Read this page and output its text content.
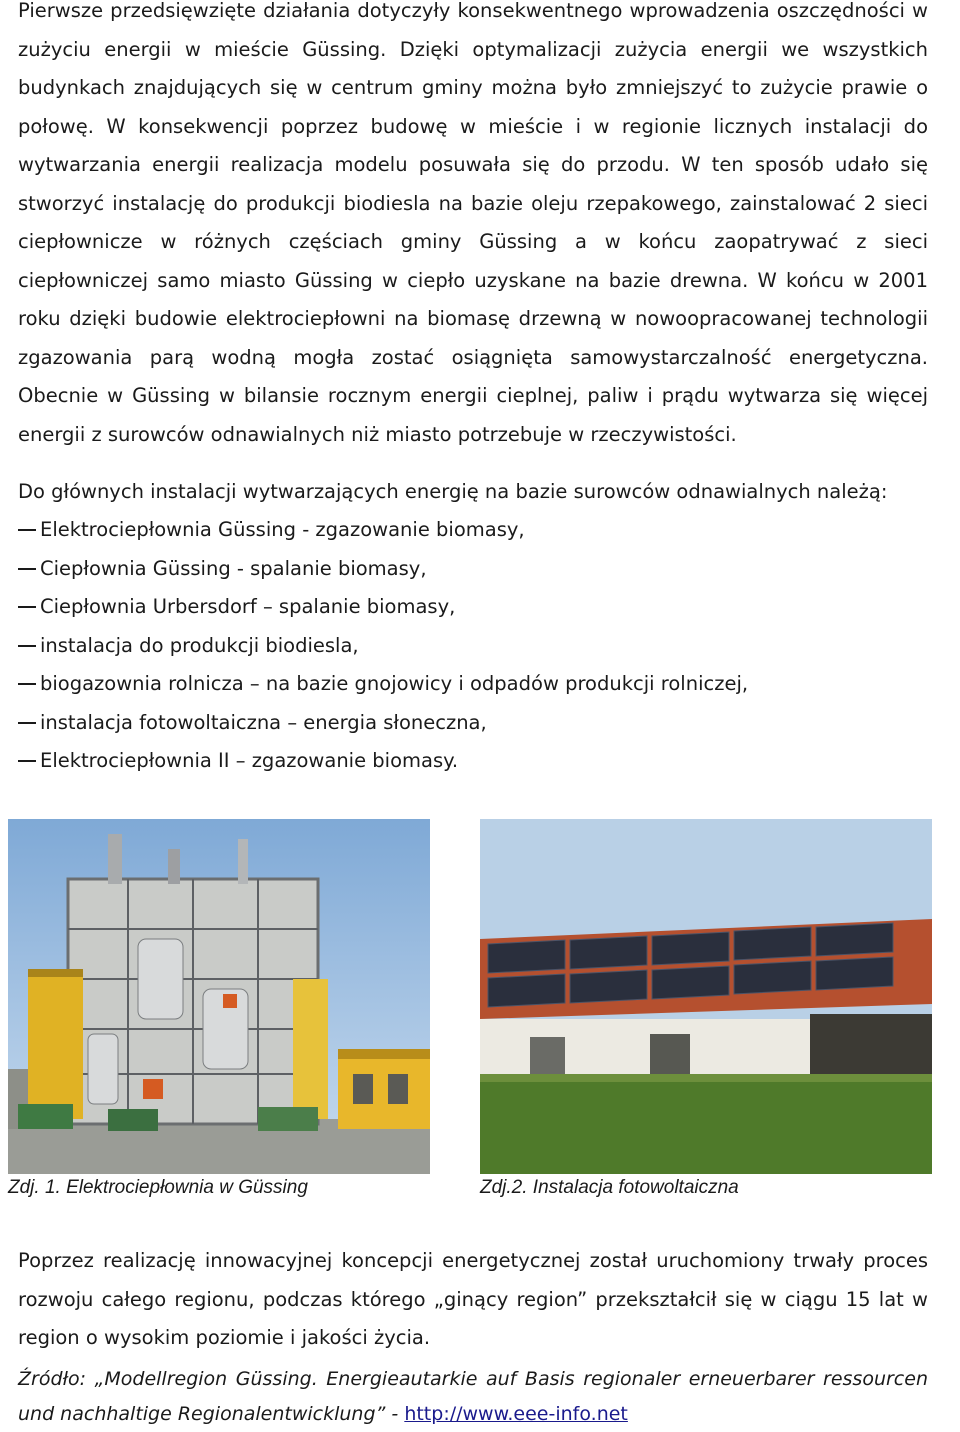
Pierwsze przedsięwzięte działania dotyczyły konsekwentnego wprowadzenia oszczędności w zużyciu energii w mieście Güssing. Dzięki optymalizacji zużycia energii we wszystkich budynkach znajdujących się w centrum gminy można było zmniejszyć to zużycie prawie o połowę. W konsekwencji poprzez budowę w mieście i w regionie licznych instalacji do wytwarzania energii realizacja modelu posuwała się do przodu. W ten sposób udało się stworzyć instalację do produkcji biodiesla na bazie oleju rzepakowego, zainstalować 2 sieci ciepłownicze w różnych częściach gminy Güssing a w końcu zaopatrywać z sieci ciepłowniczej samo miasto Güssing w ciepło uzyskane na bazie drewna. W końcu w 2001 roku dzięki budowie elektrociepłowni na biomasę drzewną w nowoopracowanej technologii zgazowania parą wodną mogła zostać osiągnięta samowystarczalność energetyczna. Obecnie w Güssing w bilansie rocznym energii cieplnej, paliw i prądu wytwarza się więcej energii z surowców odnawialnych niż miasto potrzebuje w rzeczywistości.

Do głównych instalacji wytwarzających energię na bazie surowców odnawialnych należą:

Elektrociepłownia Güssing - zgazowanie biomasy,
Ciepłownia Güssing - spalanie biomasy,
Ciepłownia Urbersdorf – spalanie biomasy,
instalacja do produkcji biodiesla,
biogazownia rolnicza – na bazie gnojowicy i odpadów produkcji rolniczej,
instalacja fotowoltaiczna – energia słoneczna,
Elektrociepłownia II – zgazowanie biomasy.
Zdj. 1. Elektrociepłownia w Güssing	Zdj.2. Instalacja fotowoltaiczna

Poprzez realizację innowacyjnej koncepcji energetycznej został uruchomiony trwały proces rozwoju całego regionu, podczas którego „ginący region” przekształcił się w ciągu 15 lat w region o wysokim poziomie i jakości życia.

Źródło: „Modellregion Güssing. Energieautarkie auf Basis regionaler erneuerbarer ressourcen und nachhaltige Regionalentwicklung” - http://www.eee-info.net
